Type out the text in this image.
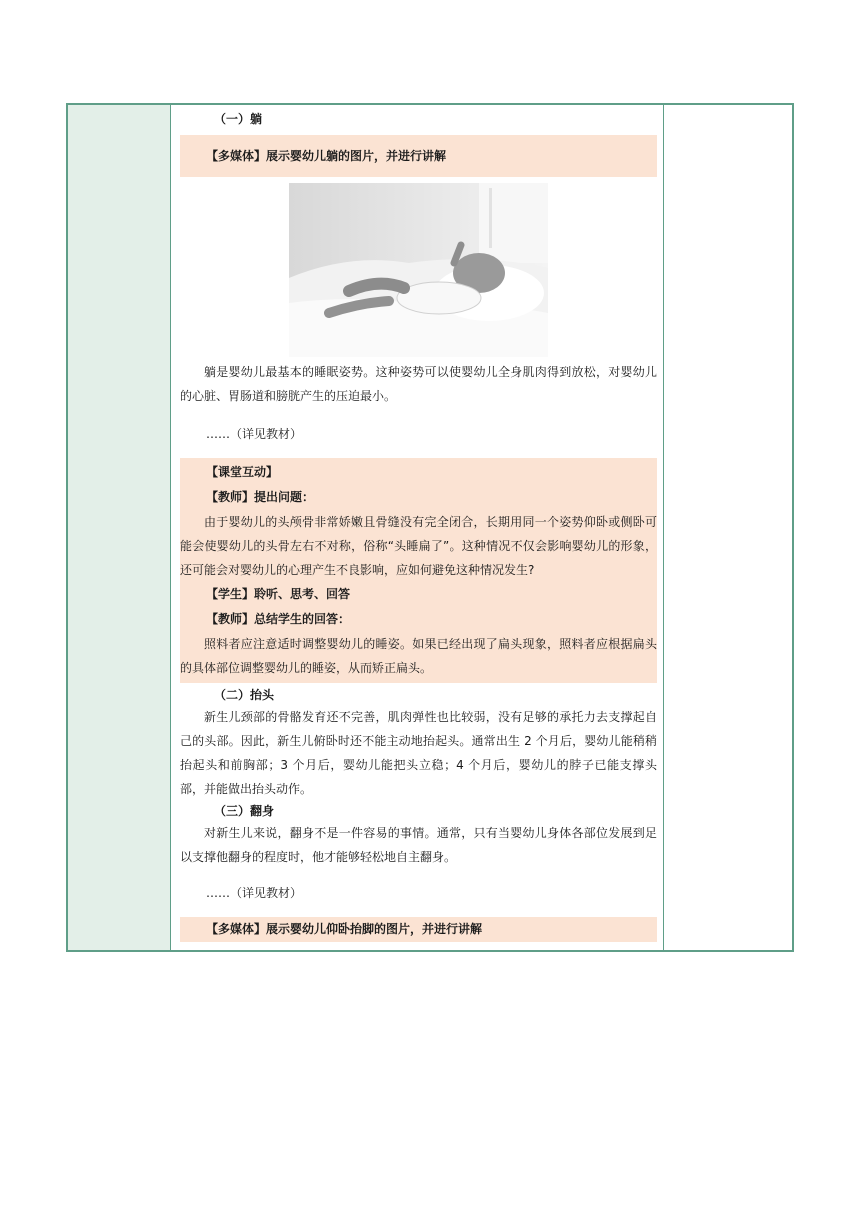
（一）躺
【多媒体】展示婴幼儿躺的图片，并进行讲解

躺是婴幼儿最基本的睡眠姿势。这种姿势可以使婴幼儿全身肌肉得到放松，对婴幼儿的心脏、胃肠道和膀胱产生的压迫最小。

……（详见教材）
【课堂互动】
【教师】提出问题：

由于婴幼儿的头颅骨非常娇嫩且骨缝没有完全闭合，长期用同一个姿势仰卧或侧卧可能会使婴幼儿的头骨左右不对称，俗称“头睡扁了”。这种情况不仅会影响婴幼儿的形象，还可能会对婴幼儿的心理产生不良影响，应如何避免这种情况发生?

【学生】聆听、思考、回答
【教师】总结学生的回答：

照料者应注意适时调整婴幼儿的睡姿。如果已经出现了扁头现象，照料者应根据扁头的具体部位调整婴幼儿的睡姿，从而矫正扁头。

（二）抬头

新生儿颈部的骨骼发育还不完善，肌肉弹性也比较弱，没有足够的承托力去支撑起自己的头部。因此，新生儿俯卧时还不能主动地抬起头。通常出生 2 个月后，婴幼儿能稍稍抬起头和前胸部；3 个月后，婴幼儿能把头立稳；4 个月后，婴幼儿的脖子已能支撑头部，并能做出抬头动作。

（三）翻身

对新生儿来说，翻身不是一件容易的事情。通常，只有当婴幼儿身体各部位发展到足以支撑他翻身的程度时，他才能够轻松地自主翻身。

……（详见教材）
【多媒体】展示婴幼儿仰卧抬脚的图片，并进行讲解
